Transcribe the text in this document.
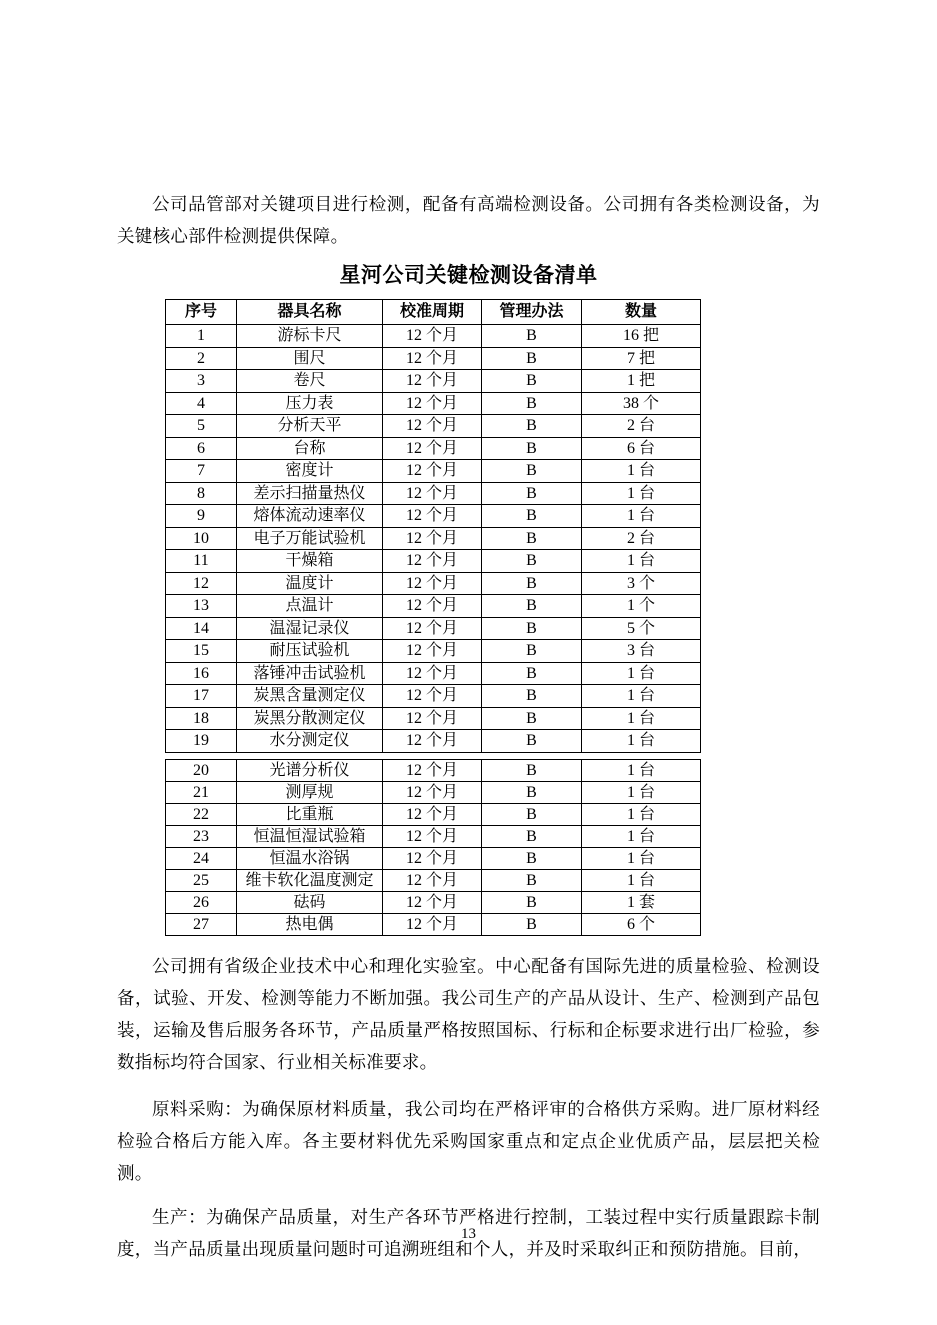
公司品管部对关键项目进行检测，配备有高端检测设备。公司拥有各类检测设备，为关键核心部件检测提供保障。

星河公司关键检测设备清单
序号	器具名称	校准周期	管理办法	数量
1	游标卡尺	12 个月	B	16 把
2	围尺	12 个月	B	7 把
3	卷尺	12 个月	B	1 把
4	压力表	12 个月	B	38 个
5	分析天平	12 个月	B	2 台
6	台称	12 个月	B	6 台
7	密度计	12 个月	B	1 台
8	差示扫描量热仪	12 个月	B	1 台
9	熔体流动速率仪	12 个月	B	1 台
10	电子万能试验机	12 个月	B	2 台
11	干燥箱	12 个月	B	1 台
12	温度计	12 个月	B	3 个
13	点温计	12 个月	B	1 个
14	温湿记录仪	12 个月	B	5 个
15	耐压试验机	12 个月	B	3 台
16	落锤冲击试验机	12 个月	B	1 台
17	炭黑含量测定仪	12 个月	B	1 台
18	炭黑分散测定仪	12 个月	B	1 台
19	水分测定仪	12 个月	B	1 台
20	光谱分析仪	12 个月	B	1 台
21	测厚规	12 个月	B	1 台
22	比重瓶	12 个月	B	1 台
23	恒温恒湿试验箱	12 个月	B	1 台
24	恒温水浴锅	12 个月	B	1 台
25	维卡软化温度测定	12 个月	B	1 台
26	砝码	12 个月	B	1 套
27	热电偶	12 个月	B	6 个

公司拥有省级企业技术中心和理化实验室。中心配备有国际先进的质量检验、检测设备，试验、开发、检测等能力不断加强。我公司生产的产品从设计、生产、检测到产品包装，运输及售后服务各环节，产品质量严格按照国标、行标和企标要求进行出厂检验，参数指标均符合国家、行业相关标准要求。

原料采购：为确保原材料质量，我公司均在严格评审的合格供方采购。进厂原材料经检验合格后方能入库。各主要材料优先采购国家重点和定点企业优质产品，层层把关检测。

生产：为确保产品质量，对生产各环节严格进行控制，工装过程中实行质量跟踪卡制度，当产品质量出现质量问题时可追溯班组和个人，并及时采取纠正和预防措施。目前，

13
